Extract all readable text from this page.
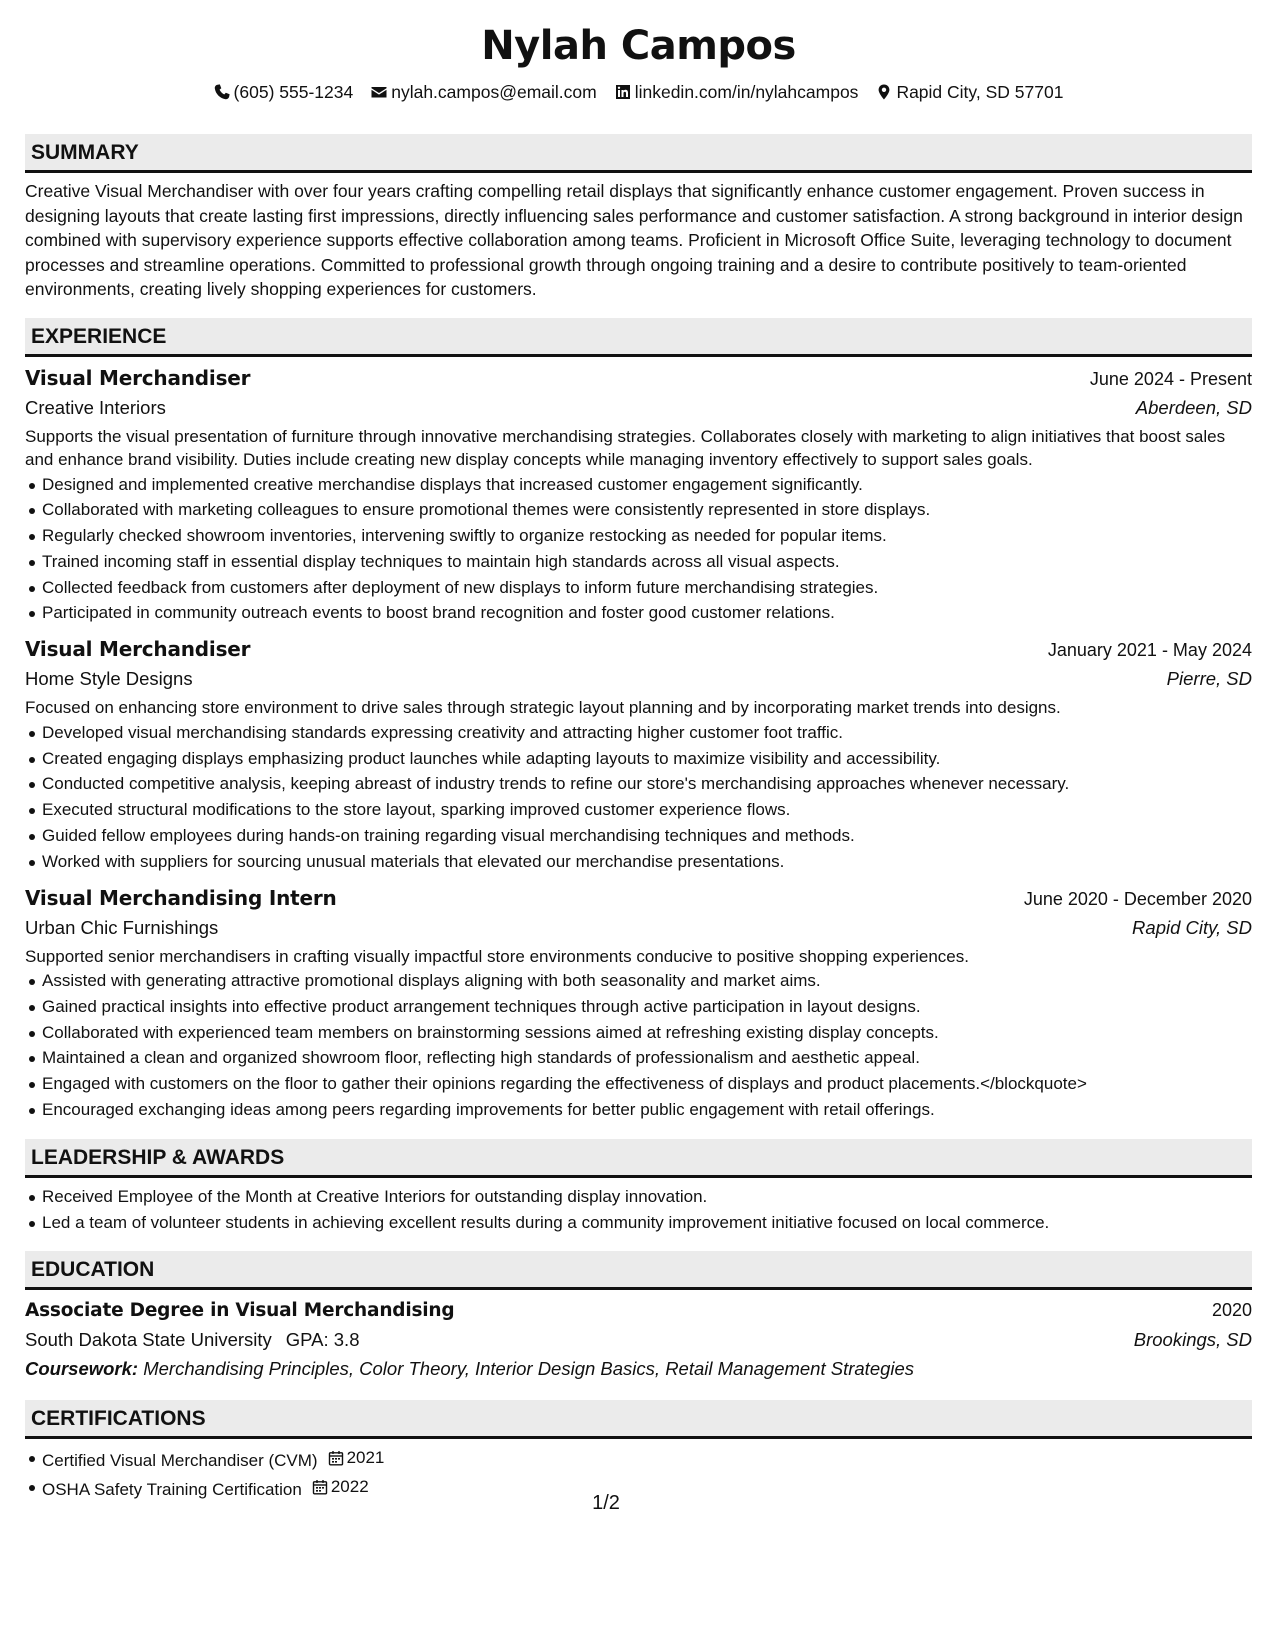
Nylah Campos
(605) 555-1234 nylah.campos@email.com linkedin.com/in/nylahcampos Rapid City, SD 57701
SUMMARY

Creative Visual Merchandiser with over four years crafting compelling retail displays that significantly enhance customer engagement. Proven success in designing layouts that create lasting first impressions, directly influencing sales performance and customer satisfaction. A strong background in interior design combined with supervisory experience supports effective collaboration among teams. Proficient in Microsoft Office Suite, leveraging technology to document processes and streamline operations. Committed to professional growth through ongoing training and a desire to contribute positively to team-oriented environments, creating lively shopping experiences for customers.

EXPERIENCE
Visual Merchandiser	June 2024 - Present
Creative Interiors	Aberdeen, SD

Supports the visual presentation of furniture through innovative merchandising strategies. Collaborates closely with marketing to align initiatives that boost sales and enhance brand visibility. Duties include creating new display concepts while managing inventory effectively to support sales goals.

Designed and implemented creative merchandise displays that increased customer engagement significantly.
Collaborated with marketing colleagues to ensure promotional themes were consistently represented in store displays.
Regularly checked showroom inventories, intervening swiftly to organize restocking as needed for popular items.
Trained incoming staff in essential display techniques to maintain high standards across all visual aspects.
Collected feedback from customers after deployment of new displays to inform future merchandising strategies.
Participated in community outreach events to boost brand recognition and foster good customer relations.
Visual Merchandiser	January 2021 - May 2024
Home Style Designs	Pierre, SD

Focused on enhancing store environment to drive sales through strategic layout planning and by incorporating market trends into designs.

Developed visual merchandising standards expressing creativity and attracting higher customer foot traffic.
Created engaging displays emphasizing product launches while adapting layouts to maximize visibility and accessibility.
Conducted competitive analysis, keeping abreast of industry trends to refine our store's merchandising approaches whenever necessary.
Executed structural modifications to the store layout, sparking improved customer experience flows.
Guided fellow employees during hands-on training regarding visual merchandising techniques and methods.
Worked with suppliers for sourcing unusual materials that elevated our merchandise presentations.
Visual Merchandising Intern	June 2020 - December 2020
Urban Chic Furnishings	Rapid City, SD

Supported senior merchandisers in crafting visually impactful store environments conducive to positive shopping experiences.

Assisted with generating attractive promotional displays aligning with both seasonality and market aims.
Gained practical insights into effective product arrangement techniques through active participation in layout designs.
Collaborated with experienced team members on brainstorming sessions aimed at refreshing existing display concepts.
Maintained a clean and organized showroom floor, reflecting high standards of professionalism and aesthetic appeal.
Engaged with customers on the floor to gather their opinions regarding the effectiveness of displays and product placements.</blockquote>
Encouraged exchanging ideas among peers regarding improvements for better public engagement with retail offerings.
LEADERSHIP & AWARDS
Received Employee of the Month at Creative Interiors for outstanding display innovation.
Led a team of volunteer students in achieving excellent results during a community improvement initiative focused on local commerce.
EDUCATION
Associate Degree in Visual Merchandising	2020
South Dakota State University GPA: 3.8	Brookings, SD
Coursework: Merchandising Principles, Color Theory, Interior Design Basics, Retail Management Strategies
CERTIFICATIONS
Certified Visual Merchandiser (CVM) 2021
OSHA Safety Training Certification 2022
1/2
